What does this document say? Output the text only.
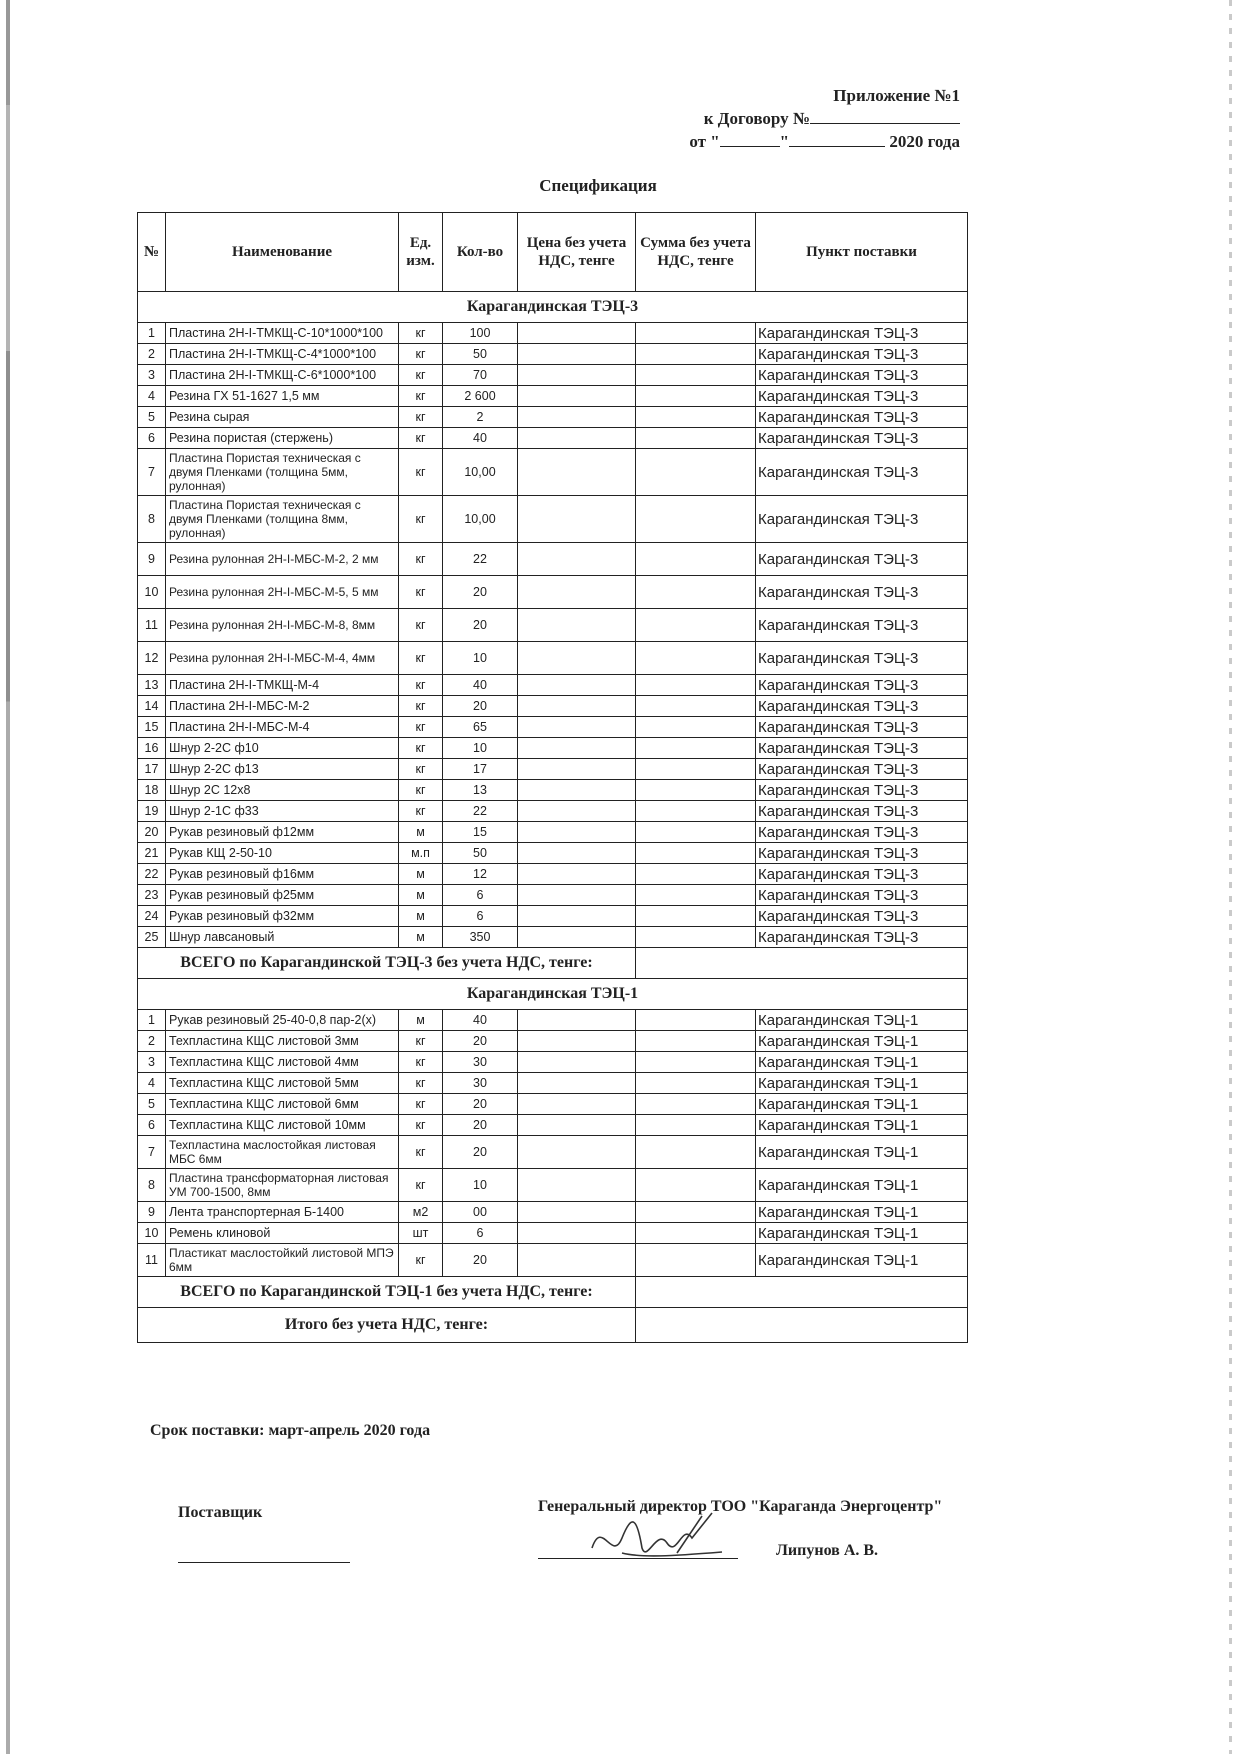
Приложение №1
к Договору №
от "	"	2020 года
Спецификация
№	Наименование	Ед. изм.	Кол-во	Цена без учета НДС, тенге	Сумма без учета НДС, тенге	Пункт поставки
Карагандинская ТЭЦ-3						
1	Пластина 2Н-I-ТМКЩ-С-10*1000*100	кг	100			Карагандинская ТЭЦ-3
2	Пластина 2Н-I-ТМКЩ-С-4*1000*100	кг	50			Карагандинская ТЭЦ-3
3	Пластина 2Н-I-ТМКЩ-С-6*1000*100	кг	70			Карагандинская ТЭЦ-3
4	Резина ГХ 51-1627 1,5 мм	кг	2 600			Карагандинская ТЭЦ-3
5	Резина сырая	кг	2			Карагандинская ТЭЦ-3
6	Резина пористая (стержень)	кг	40			Карагандинская ТЭЦ-3
7	Пластина Пористая техническая с двумя Пленками (толщина 5мм, рулонная)	кг	10,00			Карагандинская ТЭЦ-3
8	Пластина Пористая техническая с двумя Пленками (толщина 8мм, рулонная)	кг	10,00			Карагандинская ТЭЦ-3
9	Резина рулонная 2Н-I-МБС-М-2, 2 мм	кг	22			Карагандинская ТЭЦ-3
10	Резина рулонная 2Н-I-МБС-М-5, 5 мм	кг	20			Карагандинская ТЭЦ-3
11	Резина рулонная 2Н-I-МБС-М-8, 8мм	кг	20			Карагандинская ТЭЦ-3
12	Резина рулонная 2Н-I-МБС-М-4, 4мм	кг	10			Карагандинская ТЭЦ-3
13	Пластина 2Н-I-ТМКЩ-М-4	кг	40			Карагандинская ТЭЦ-3
14	Пластина 2Н-I-МБС-М-2	кг	20			Карагандинская ТЭЦ-3
15	Пластина 2Н-I-МБС-М-4	кг	65			Карагандинская ТЭЦ-3
16	Шнур 2-2С ф10	кг	10			Карагандинская ТЭЦ-3
17	Шнур 2-2С ф13	кг	17			Карагандинская ТЭЦ-3
18	Шнур 2С 12х8	кг	13			Карагандинская ТЭЦ-3
19	Шнур 2-1С ф33	кг	22			Карагандинская ТЭЦ-3
20	Рукав резиновый ф12мм	м	15			Карагандинская ТЭЦ-3
21	Рукав КЩ 2-50-10	м.п	50			Карагандинская ТЭЦ-3
22	Рукав резиновый ф16мм	м	12			Карагандинская ТЭЦ-3
23	Рукав резиновый ф25мм	м	6			Карагандинская ТЭЦ-3
24	Рукав резиновый ф32мм	м	6			Карагандинская ТЭЦ-3
25	Шнур лавсановый	м	350			Карагандинская ТЭЦ-3
ВСЕГО по Карагандинской ТЭЦ-3 без учета НДС, тенге:						
Карагандинская ТЭЦ-1						
1	Рукав резиновый 25-40-0,8 пар-2(х)	м	40			Карагандинская ТЭЦ-1
2	Техпластина КЩС листовой 3мм	кг	20			Карагандинская ТЭЦ-1
3	Техпластина КЩС листовой 4мм	кг	30			Карагандинская ТЭЦ-1
4	Техпластина КЩС листовой 5мм	кг	30			Карагандинская ТЭЦ-1
5	Техпластина КЩС листовой 6мм	кг	20			Карагандинская ТЭЦ-1
6	Техпластина КЩС листовой 10мм	кг	20			Карагандинская ТЭЦ-1
7	Техпластина маслостойкая листовая МБС 6мм	кг	20			Карагандинская ТЭЦ-1
8	Пластина трансформаторная листовая УМ 700-1500, 8мм	кг	10			Карагандинская ТЭЦ-1
9	Лента транспортерная Б-1400	м2	00			Карагандинская ТЭЦ-1
10	Ремень клиновой	шт	6			Карагандинская ТЭЦ-1
11	Пластикат маслостойкий листовой МПЭ 6мм	кг	20			Карагандинская ТЭЦ-1
ВСЕГО по Карагандинской ТЭЦ-1 без учета НДС, тенге:						
Итого без учета НДС, тенге:						
Срок поставки: март-апрель 2020 года
Поставщик	Генеральный директор ТОО "Караганда Энергоцентр"
Липунов А. В.
